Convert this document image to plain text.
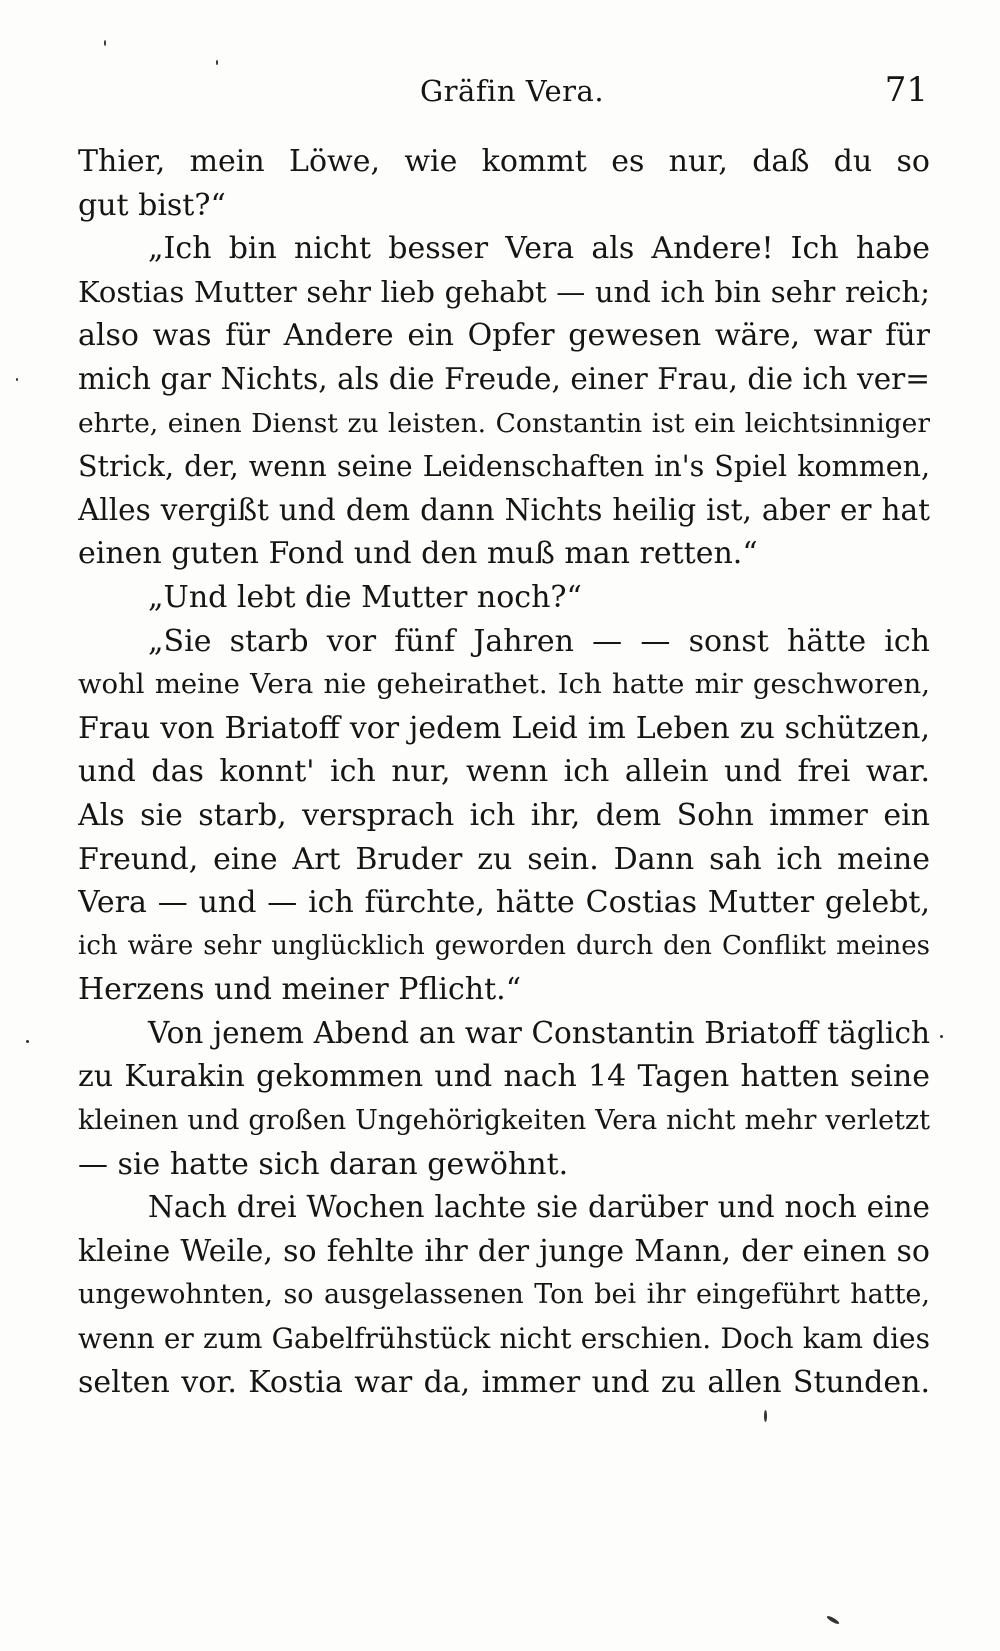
Gräfin Vera.	71
Thier, mein Löwe, wie kommt es nur, daß du so
gut bist?“
„Ich bin nicht besser Vera als Andere! Ich habe
Kostias Mutter sehr lieb gehabt — und ich bin sehr reich;
also was für Andere ein Opfer gewesen wäre, war für
mich gar Nichts, als die Freude, einer Frau, die ich ver=
ehrte, einen Dienst zu leisten. Constantin ist ein leichtsinniger
Strick, der, wenn seine Leidenschaften in's Spiel kommen,
Alles vergißt und dem dann Nichts heilig ist, aber er hat
einen guten Fond und den muß man retten.“
„Und lebt die Mutter noch?“
„Sie starb vor fünf Jahren — — sonst hätte ich
wohl meine Vera nie geheirathet. Ich hatte mir geschworen,
Frau von Briatoff vor jedem Leid im Leben zu schützen,
und das konnt' ich nur, wenn ich allein und frei war.
Als sie starb, versprach ich ihr, dem Sohn immer ein
Freund, eine Art Bruder zu sein. Dann sah ich meine
Vera — und — ich fürchte, hätte Costias Mutter gelebt,
ich wäre sehr unglücklich geworden durch den Conflikt meines
Herzens und meiner Pflicht.“
Von jenem Abend an war Constantin Briatoff täglich
zu Kurakin gekommen und nach 14 Tagen hatten seine
kleinen und großen Ungehörigkeiten Vera nicht mehr verletzt
— sie hatte sich daran gewöhnt.
Nach drei Wochen lachte sie darüber und noch eine
kleine Weile, so fehlte ihr der junge Mann, der einen so
ungewohnten, so ausgelassenen Ton bei ihr eingeführt hatte,
wenn er zum Gabelfrühstück nicht erschien. Doch kam dies
selten vor. Kostia war da, immer und zu allen Stunden.
